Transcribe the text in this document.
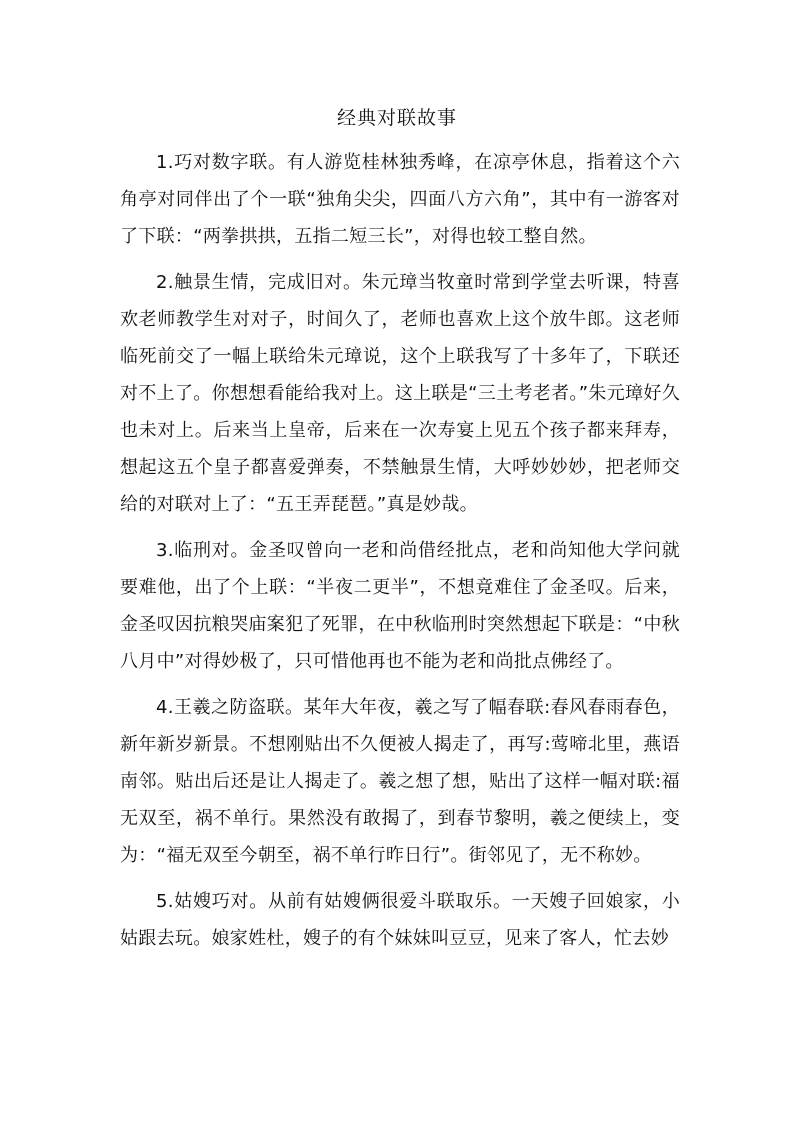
经典对联故事

1.巧对数字联。有人游览桂林独秀峰，在凉亭休息，指着这个六角亭对同伴出了个一联“独角尖尖，四面八方六角”，其中有一游客对了下联：“两拳拱拱，五指二短三长”，对得也较工整自然。

2.触景生情，完成旧对。朱元璋当牧童时常到学堂去听课，特喜欢老师教学生对对子，时间久了，老师也喜欢上这个放牛郎。这老师临死前交了一幅上联给朱元璋说，这个上联我写了十多年了，下联还对不上了。你想想看能给我对上。这上联是“三土考老者。”朱元璋好久也未对上。后来当上皇帝，后来在一次寿宴上见五个孩子都来拜寿，想起这五个皇子都喜爱弹奏，不禁触景生情，大呼妙妙妙，把老师交给的对联对上了：“五王弄琵琶。”真是妙哉。

3.临刑对。金圣叹曾向一老和尚借经批点，老和尚知他大学问就要难他，出了个上联：“半夜二更半”，不想竟难住了金圣叹。后来，金圣叹因抗粮哭庙案犯了死罪，在中秋临刑时突然想起下联是：“中秋八月中”对得妙极了，只可惜他再也不能为老和尚批点佛经了。

4.王羲之防盗联。某年大年夜，羲之写了幅春联:春风春雨春色，新年新岁新景。不想刚贴出不久便被人揭走了，再写:莺啼北里，燕语南邻。贴出后还是让人揭走了。羲之想了想，贴出了这样一幅对联:福无双至，祸不单行。果然没有敢揭了，到春节黎明，羲之便续上，变为：“福无双至今朝至，祸不单行昨日行”。街邻见了，无不称妙。

5.姑嫂巧对。从前有姑嫂俩很爱斗联取乐。一天嫂子回娘家，小姑跟去玩。娘家姓杜，嫂子的有个妹妹叫豆豆，见来了客人，忙去妙
